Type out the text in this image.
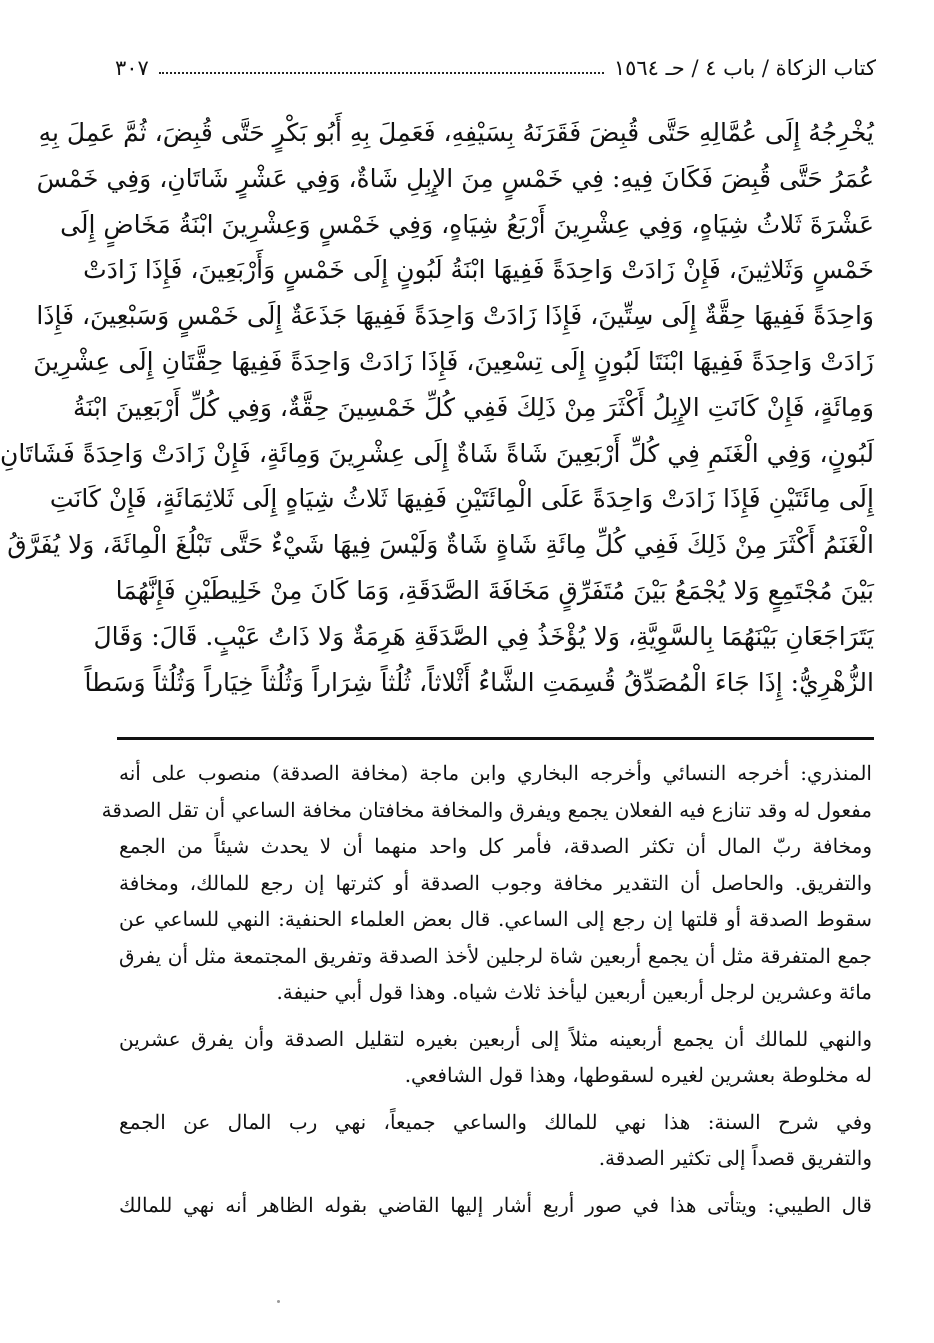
كتاب الزكاة / باب ٤ / حـ ١٥٦٤
٣٠٧
يُخْرِجُهُ إِلَى عُمَّالِهِ حَتَّى قُبِضَ فَقَرَنَهُ بِسَيْفِهِ، فَعَمِلَ بِهِ أَبُو بَكْرٍ حَتَّى قُبِضَ، ثُمَّ عَمِلَ بِهِ
عُمَرُ حَتَّى قُبِضَ فَكَانَ فِيهِ: فِي خَمْسٍ مِنَ الإِبِلِ شَاةٌ، وَفِي عَشْرٍ شَاتَانِ، وَفِي خَمْسَ
عَشْرَةَ ثَلاثُ شِيَاهٍ، وَفِي عِشْرِينَ أَرْبَعُ شِيَاهٍ، وَفِي خَمْسٍ وَعِشْرِينَ ابْنَةُ مَخَاضٍ إِلَى
خَمْسٍ وَثَلاثِينَ، فَإِنْ زَادَتْ وَاحِدَةً فَفِيهَا ابْنَةُ لَبُونٍ إِلَى خَمْسٍ وَأَرْبَعِينَ، فَإِذَا زَادَتْ
وَاحِدَةً فَفِيهَا حِقَّةٌ إِلَى سِتِّينَ، فَإِذَا زَادَتْ وَاحِدَةً فَفِيهَا جَذَعَةٌ إِلَى خَمْسٍ وَسَبْعِينَ، فَإِذَا
زَادَتْ وَاحِدَةً فَفِيهَا ابْنَتَا لَبُونٍ إِلَى تِسْعِينَ، فَإِذَا زَادَتْ وَاحِدَةً فَفِيهَا حِقَّتَانِ إِلَى عِشْرِينَ
وَمِائَةٍ، فَإِنْ كَانَتِ الإِبِلُ أَكْثَرَ مِنْ ذَلِكَ فَفِي كُلِّ خَمْسِينَ حِقَّةٌ، وَفِي كُلِّ أَرْبَعِينَ ابْنَةُ
لَبُونٍ، وَفِي الْغَنَمِ فِي كُلِّ أَرْبَعِينَ شَاةً شَاةٌ إِلَى عِشْرِينَ وَمِائَةٍ، فَإِنْ زَادَتْ وَاحِدَةً فَشَاتَانِ
إِلَى مِائَتَيْنِ فَإِذَا زَادَتْ وَاحِدَةً عَلَى الْمِائَتَيْنِ فَفِيهَا ثَلاثُ شِيَاهٍ إِلَى ثَلاثِمَائَةٍ، فَإِنْ كَانَتِ
الْغَنَمُ أَكْثَرَ مِنْ ذَلِكَ فَفِي كُلِّ مِائَةِ شَاةٍ شَاةٌ وَلَيْسَ فِيهَا شَيْءٌ حَتَّى تَبْلُغَ الْمِائَةَ، وَلا يُفَرَّقُ
بَيْنَ مُجْتَمِعٍ وَلا يُجْمَعُ بَيْنَ مُتَفَرِّقٍ مَخَافَةَ الصَّدَقَةِ، وَمَا كَانَ مِنْ خَلِيطَيْنِ فَإِنَّهُمَا
يَتَرَاجَعَانِ بَيْنَهُمَا بِالسَّوِيَّةِ، وَلا يُؤْخَذُ فِي الصَّدَقَةِ هَرِمَةٌ وَلا ذَاتُ عَيْبٍ. قَالَ: وَقَالَ
الزُّهْرِيُّ: إِذَا جَاءَ الْمُصَدِّقُ قُسِمَتِ الشَّاءُ أَثْلاثاً، ثُلُثاً شِرَاراً وَثُلُثاً خِيَاراً وَثُلُثاً وَسَطاً

المنذري: أخرجه النسائي وأخرجه البخاري وابن ماجة (مخافة الصدقة) منصوب على أنه
مفعول له وقد تنازع فيه الفعلان يجمع ويفرق والمخافة مخافتان مخافة الساعي أن تقل الصدقة
ومخافة ربّ المال أن تكثر الصدقة، فأمر كل واحد منهما أن لا يحدث شيئاً من الجمع
والتفريق. والحاصل أن التقدير مخافة وجوب الصدقة أو كثرتها إن رجع للمالك، ومخافة
سقوط الصدقة أو قلتها إن رجع إلى الساعي. قال بعض العلماء الحنفية: النهي للساعي عن
جمع المتفرقة مثل أن يجمع أربعين شاة لرجلين لأخذ الصدقة وتفريق المجتمعة مثل أن يفرق
مائة وعشرين لرجل أربعين أربعين ليأخذ ثلاث شياه. وهذا قول أبي حنيفة.

والنهي للمالك أن يجمع أربعينه مثلاً إلى أربعين بغيره لتقليل الصدقة وأن يفرق عشرين
له مخلوطة بعشرين لغيره لسقوطها، وهذا قول الشافعي.

وفي شرح السنة: هذا نهي للمالك والساعي جميعاً، نهي رب المال عن الجمع
والتفريق قصداً إلى تكثير الصدقة.

قال الطيبي: ويتأتى هذا في صور أربع أشار إليها القاضي بقوله الظاهر أنه نهي للمالك
